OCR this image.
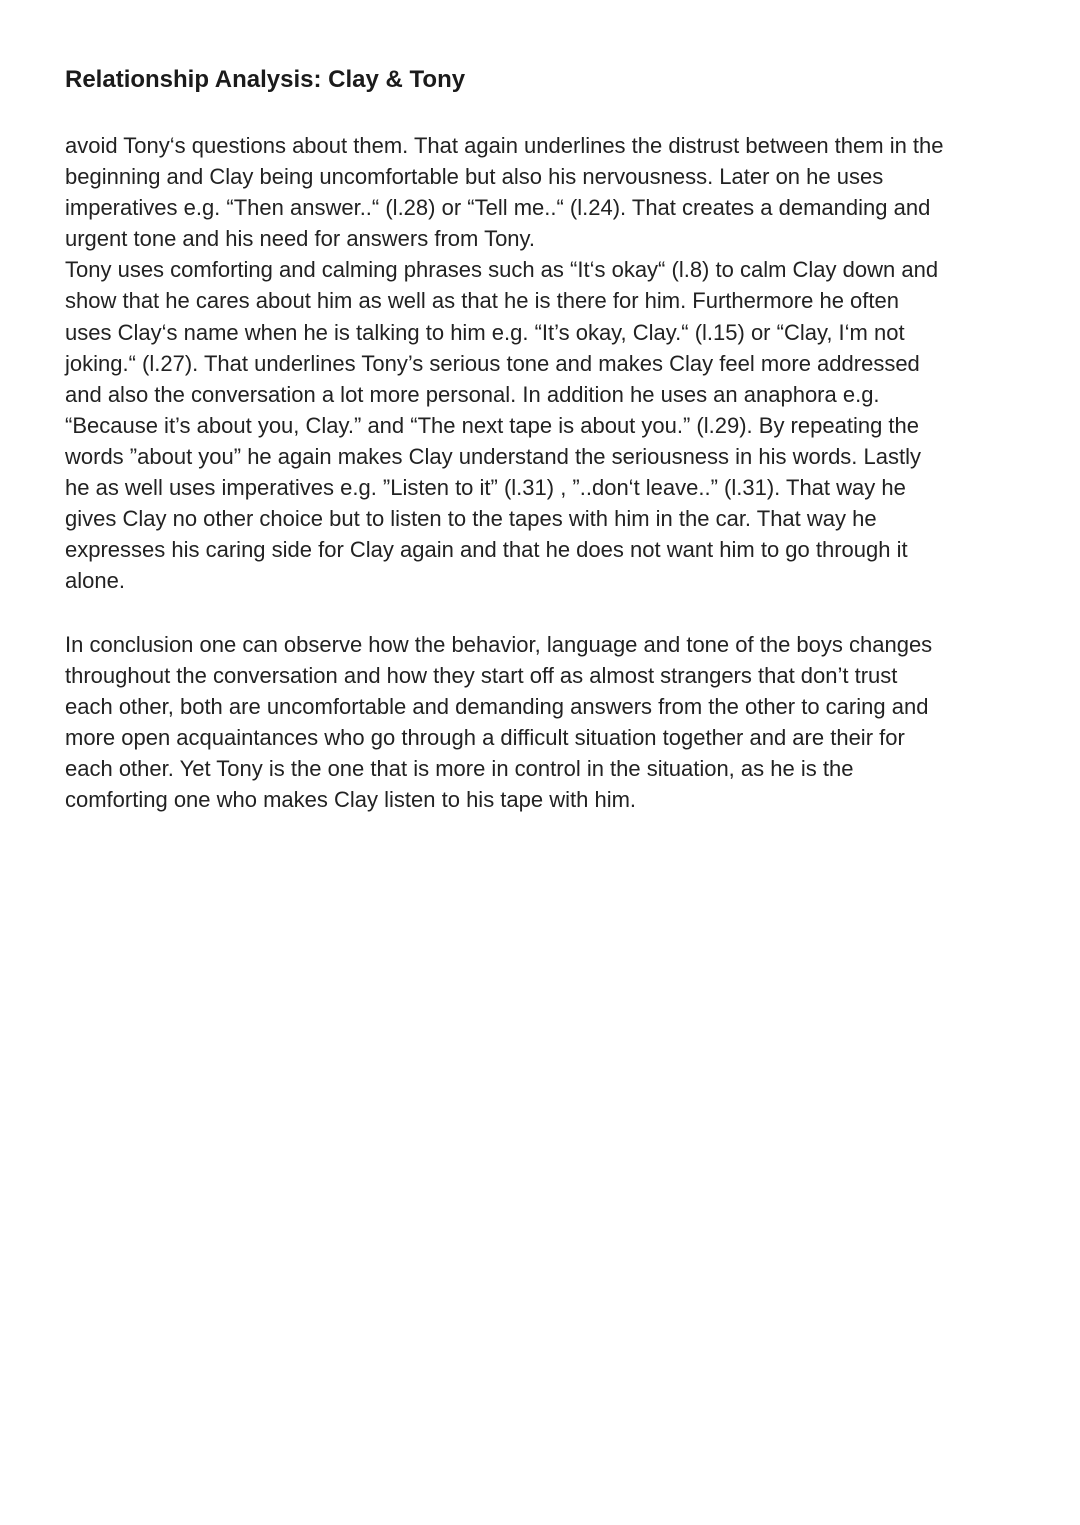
Relationship Analysis: Clay & Tony

avoid Tony‘s questions about them. That again underlines the distrust between them in the
beginning and Clay being uncomfortable but also his nervousness. Later on he uses
imperatives e.g. “Then answer..“ (l.28) or “Tell me..“ (l.24). That creates a demanding and
urgent tone and his need for answers from Tony.
Tony uses comforting and calming phrases such as “It‘s okay“ (l.8) to calm Clay down and
show that he cares about him as well as that he is there for him. Furthermore he often
uses Clay‘s name when he is talking to him e.g. “It’s okay, Clay.“ (l.15) or “Clay, I‘m not
joking.“ (l.27). That underlines Tony’s serious tone and makes Clay feel more addressed
and also the conversation a lot more personal. In addition he uses an anaphora e.g.
“Because it’s about you, Clay.” and “The next tape is about you.” (l.29). By repeating the
words ”about you” he again makes Clay understand the seriousness in his words. Lastly
he as well uses imperatives e.g. ”Listen to it” (l.31) , ”..don‘t leave..” (l.31). That way he
gives Clay no other choice but to listen to the tapes with him in the car. That way he
expresses his caring side for Clay again and that he does not want him to go through it
alone.

In conclusion one can observe how the behavior, language and tone of the boys changes
throughout the conversation and how they start off as almost strangers that don’t trust
each other, both are uncomfortable and demanding answers from the other to caring and
more open acquaintances who go through a difficult situation together and are their for
each other. Yet Tony is the one that is more in control in the situation, as he is the
comforting one who makes Clay listen to his tape with him.
